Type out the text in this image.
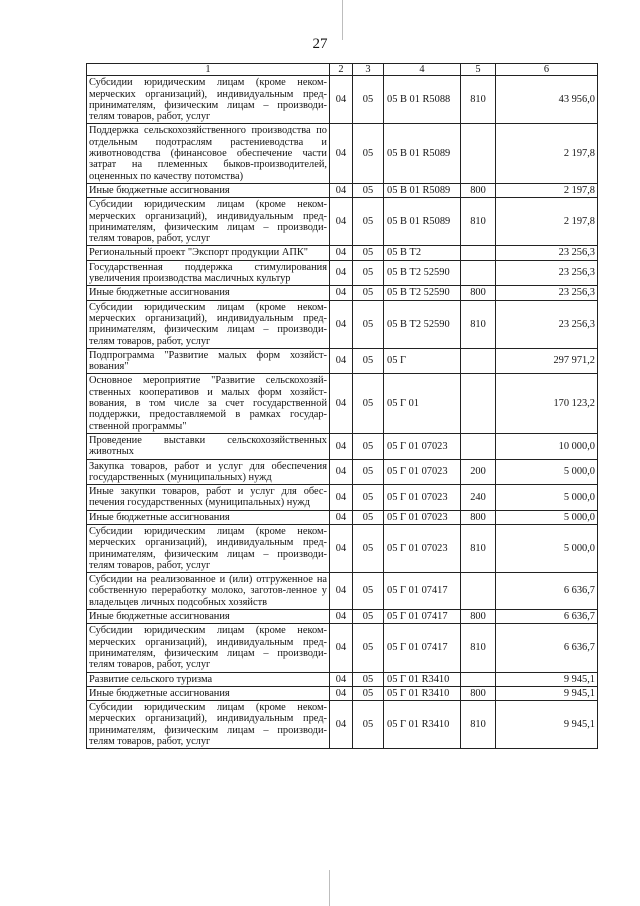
27
1	2	3	4	5	6
Субсидии юридическим лицам (кроме неком-мерческих организаций), индивидуальным пред-принимателям, физическим лицам – производи-телям товаров, работ, услуг	04	05	05 В 01 R5088	810	43 956,0
Поддержка сельскохозяйственного производства по отдельным подотраслям растениеводства и животноводства (финансовое обеспечение части затрат на племенных быков-производителей, оцененных по качеству потомства)	04	05	05 В 01 R5089		2 197,8
Иные бюджетные ассигнования	04	05	05 В 01 R5089	800	2 197,8
Субсидии юридическим лицам (кроме неком-мерческих организаций), индивидуальным пред-принимателям, физическим лицам – производи-телям товаров, работ, услуг	04	05	05 В 01 R5089	810	2 197,8
Региональный проект "Экспорт продукции АПК"	04	05	05 В Т2		23 256,3
Государственная поддержка стимулирования увеличения производства масличных культур	04	05	05 В Т2 52590		23 256,3
Иные бюджетные ассигнования	04	05	05 В Т2 52590	800	23 256,3
Субсидии юридическим лицам (кроме неком-мерческих организаций), индивидуальным пред-принимателям, физическим лицам – производи-телям товаров, работ, услуг	04	05	05 В Т2 52590	810	23 256,3
Подпрограмма "Развитие малых форм хозяйст-вования"	04	05	05 Г		297 971,2
Основное мероприятие "Развитие сельскохозяй-ственных кооперативов и малых форм хозяйст-вования, в том числе за счет государственной поддержки, предоставляемой в рамках государ-ственной программы"	04	05	05 Г 01		170 123,2
Проведение выставки сельскохозяйственных животных	04	05	05 Г 01 07023		10 000,0
Закупка товаров, работ и услуг для обеспечения государственных (муниципальных) нужд	04	05	05 Г 01 07023	200	5 000,0
Иные закупки товаров, работ и услуг для обес-печения государственных (муниципальных) нужд	04	05	05 Г 01 07023	240	5 000,0
Иные бюджетные ассигнования	04	05	05 Г 01 07023	800	5 000,0
Субсидии юридическим лицам (кроме неком-мерческих организаций), индивидуальным пред-принимателям, физическим лицам – производи-телям товаров, работ, услуг	04	05	05 Г 01 07023	810	5 000,0
Субсидии на реализованное и (или) отгруженное на собственную переработку молоко, заготов-ленное у владельцев личных подсобных хозяйств	04	05	05 Г 01 07417		6 636,7
Иные бюджетные ассигнования	04	05	05 Г 01 07417	800	6 636,7
Субсидии юридическим лицам (кроме неком-мерческих организаций), индивидуальным пред-принимателям, физическим лицам – производи-телям товаров, работ, услуг	04	05	05 Г 01 07417	810	6 636,7
Развитие сельского туризма	04	05	05 Г 01 R3410		9 945,1
Иные бюджетные ассигнования	04	05	05 Г 01 R3410	800	9 945,1
Субсидии юридическим лицам (кроме неком-мерческих организаций), индивидуальным пред-принимателям, физическим лицам – производи-телям товаров, работ, услуг	04	05	05 Г 01 R3410	810	9 945,1
